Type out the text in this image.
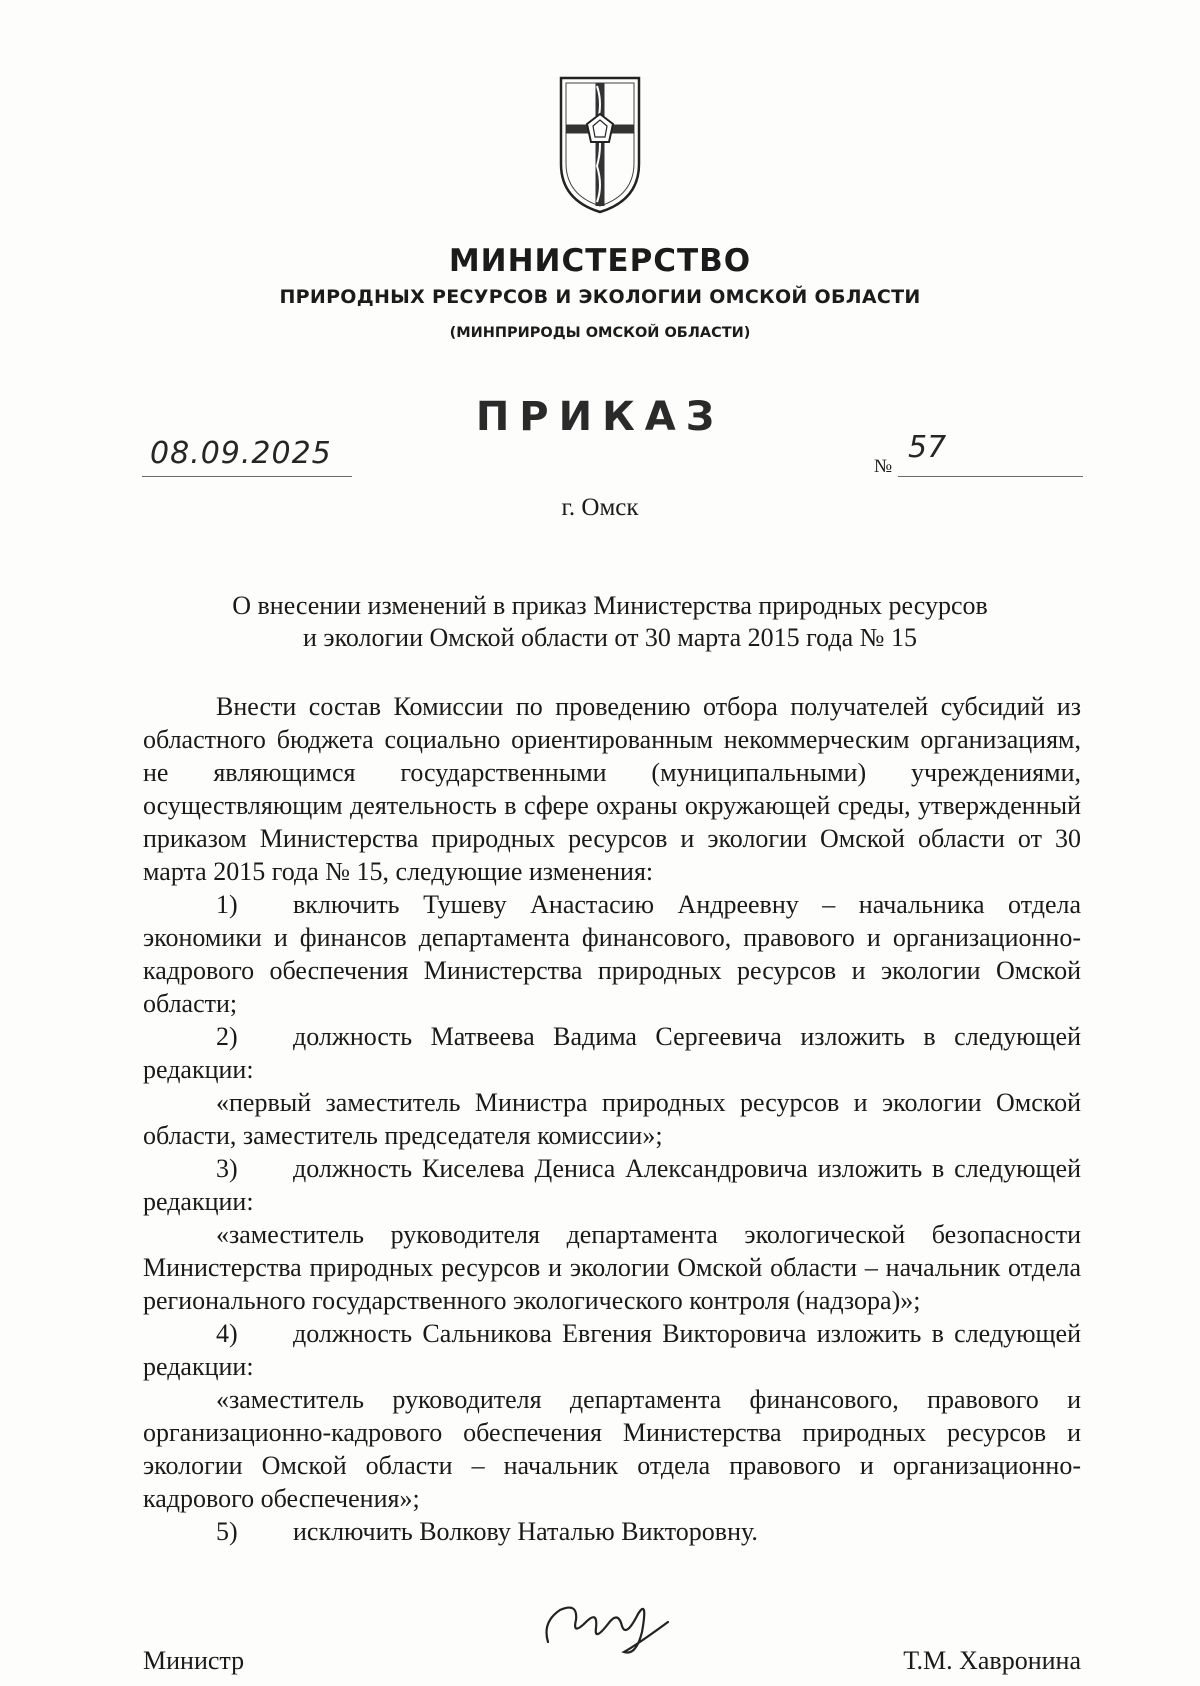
МИНИСТЕРСТВО
ПРИРОДНЫХ РЕСУРСОВ И ЭКОЛОГИИ ОМСКОЙ ОБЛАСТИ
(МИНПРИРОДЫ ОМСКОЙ ОБЛАСТИ)
ПРИКАЗ
08.09.2025	№
57
г. Омск
О внесении изменений в приказ Министерства природных ресурсов
и экологии Омской области от 30 марта 2015 года № 15

Внести состав Комиссии по проведению отбора получателей субсидий из областного бюджета социально ориентированным некоммерческим организациям, не являющимся государственными (муниципальными) учреждениями, осуществляющим деятельность в сфере охраны окружающей среды, утвержденный приказом Министерства природных ресурсов и экологии Омской области от 30 марта 2015 года № 15, следующие изменения:

1) включить Тушеву Анастасию Андреевну – начальника отдела экономики и финансов департамента финансового, правового и организационно-кадрового обеспечения Министерства природных ресурсов и экологии Омской области;

2) должность Матвеева Вадима Сергеевича изложить в следующей редакции:

«первый заместитель Министра природных ресурсов и экологии Омской области, заместитель председателя комиссии»;

3) должность Киселева Дениса Александровича изложить в следующей редакции:

«заместитель руководителя департамента экологической безопасности Министерства природных ресурсов и экологии Омской области – начальник отдела регионального государственного экологического контроля (надзора)»;

4) должность Сальникова Евгения Викторовича изложить в следующей редакции:

«заместитель руководителя департамента финансового, правового и организационно-кадрового обеспечения Министерства природных ресурсов и экологии Омской области – начальник отдела правового и организационно-кадрового обеспечения»;

5) исключить Волкову Наталью Викторовну.

Министр	Т.М. Хавронина
